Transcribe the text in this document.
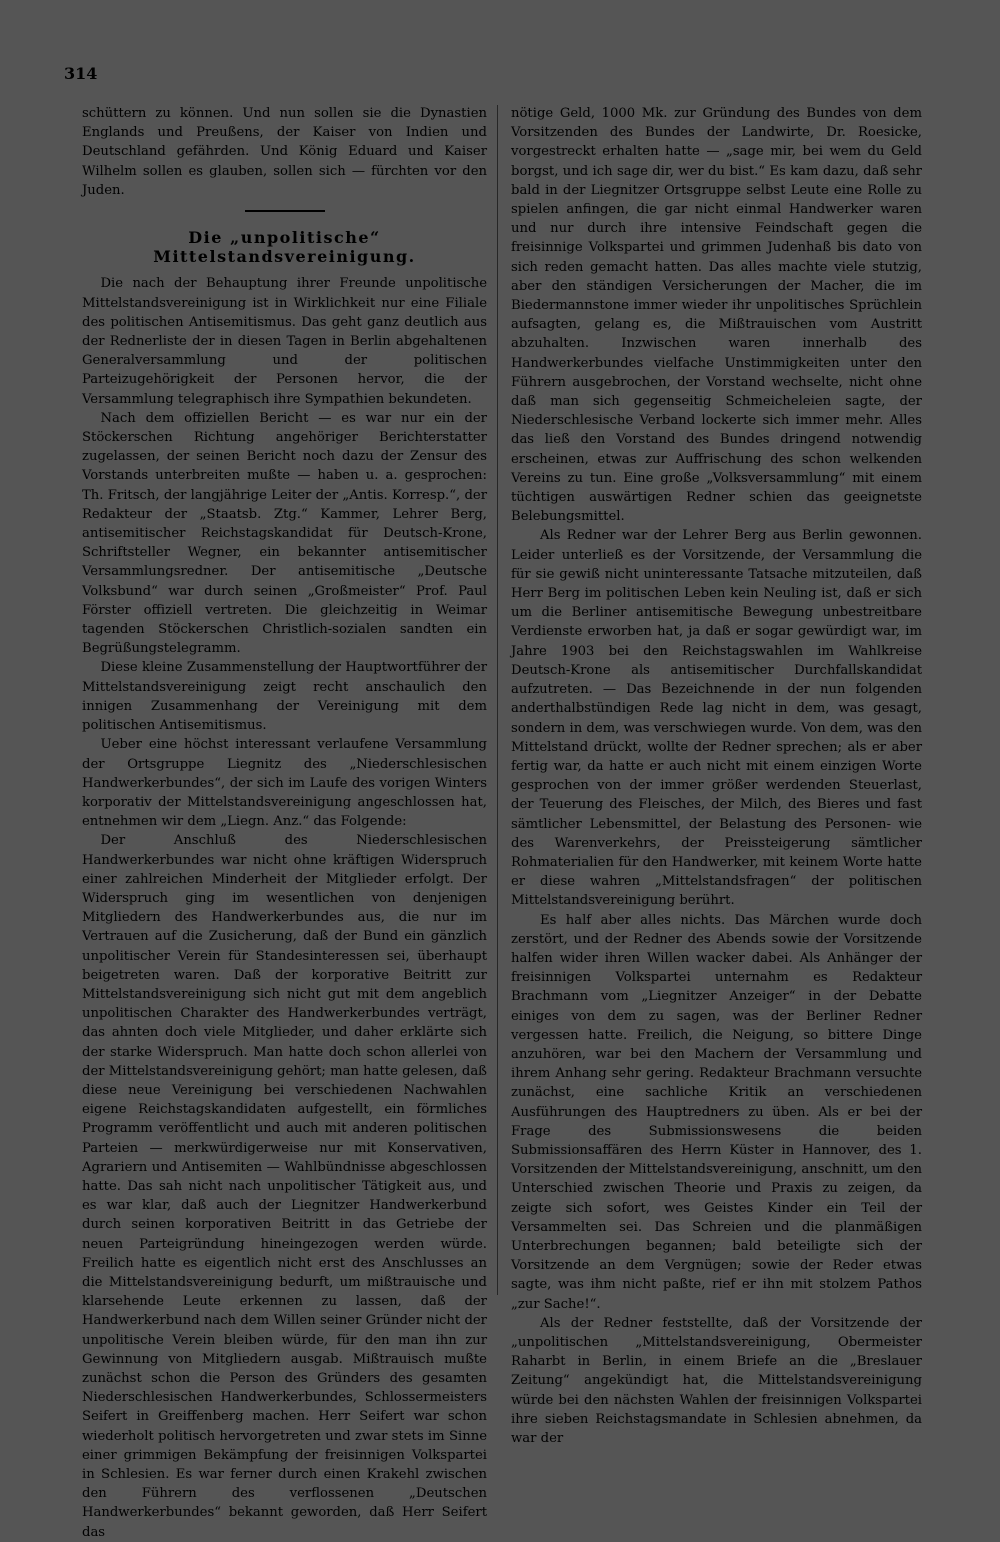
314

schüttern zu können. Und nun sollen sie die Dynastien Englands und Preußens, der Kaiser von Indien und Deutschland gefährden. Und König Eduard und Kaiser Wilhelm sollen es glauben, sollen sich — fürchten vor den Juden.

Die „unpolitische“ Mittelstandsvereinigung.

Die nach der Behauptung ihrer Freunde unpolitische Mittelstandsvereinigung ist in Wirklichkeit nur eine Filiale des politischen Antisemitismus. Das geht ganz deutlich aus der Rednerliste der in diesen Tagen in Berlin abgehaltenen Generalversammlung und der politischen Parteizugehörigkeit der Personen hervor, die der Versammlung telegraphisch ihre Sympathien bekundeten.

Nach dem offiziellen Bericht — es war nur ein der Stöckerschen Richtung angehöriger Berichterstatter zugelassen, der seinen Bericht noch dazu der Zensur des Vorstands unterbreiten mußte — haben u. a. gesprochen: Th. Fritsch, der langjährige Leiter der „Antis. Korresp.“, der Redakteur der „Staatsb. Ztg.“ Kammer, Lehrer Berg, antisemitischer Reichstagskandidat für Deutsch-Krone, Schriftsteller Wegner, ein bekannter antisemitischer Versammlungsredner. Der antisemitische „Deutsche Volksbund“ war durch seinen „Großmeister“ Prof. Paul Förster offiziell vertreten. Die gleichzeitig in Weimar tagenden Stöckerschen Christlich-sozialen sandten ein Begrüßungstelegramm.

Diese kleine Zusammenstellung der Hauptwortführer der Mittelstandsvereinigung zeigt recht anschaulich den innigen Zusammenhang der Vereinigung mit dem politischen Antisemitismus.

Ueber eine höchst interessant verlaufene Versammlung der Ortsgruppe Liegnitz des „Niederschlesischen Handwerkerbundes“, der sich im Laufe des vorigen Winters korporativ der Mittelstandsvereinigung angeschlossen hat, entnehmen wir dem „Liegn. Anz.“ das Folgende:

Der Anschluß des Niederschlesischen Handwerkerbundes war nicht ohne kräftigen Widerspruch einer zahlreichen Minderheit der Mitglieder erfolgt. Der Widerspruch ging im wesentlichen von denjenigen Mitgliedern des Handwerkerbundes aus, die nur im Vertrauen auf die Zusicherung, daß der Bund ein gänzlich unpolitischer Verein für Standesinteressen sei, überhaupt beigetreten waren. Daß der korporative Beitritt zur Mittelstandsvereinigung sich nicht gut mit dem angeblich unpolitischen Charakter des Handwerkerbundes verträgt, das ahnten doch viele Mitglieder, und daher erklärte sich der starke Widerspruch. Man hatte doch schon allerlei von der Mittelstandsvereinigung gehört; man hatte gelesen, daß diese neue Vereinigung bei verschiedenen Nachwahlen eigene Reichstagskandidaten aufgestellt, ein förmliches Programm veröffentlicht und auch mit anderen politischen Parteien — merkwürdigerweise nur mit Konservativen, Agrariern und Antisemiten — Wahlbündnisse abgeschlossen hatte. Das sah nicht nach unpolitischer Tätigkeit aus, und es war klar, daß auch der Liegnitzer Handwerkerbund durch seinen korporativen Beitritt in das Getriebe der neuen Parteigründung hineingezogen werden würde. Freilich hatte es eigentlich nicht erst des Anschlusses an die Mittelstandsvereinigung bedurft, um mißtrauische und klarsehende Leute erkennen zu lassen, daß der Handwerkerbund nach dem Willen seiner Gründer nicht der unpolitische Verein bleiben würde, für den man ihn zur Gewinnung von Mitgliedern ausgab. Mißtrauisch mußte zunächst schon die Person des Gründers des gesamten Niederschlesischen Handwerkerbundes, Schlossermeisters Seifert in Greiffenberg machen. Herr Seifert war schon wiederholt politisch hervorgetreten und zwar stets im Sinne einer grimmigen Bekämpfung der freisinnigen Volkspartei in Schlesien. Es war ferner durch einen Krakehl zwischen den Führern des verflossenen „Deutschen Handwerkerbundes“ bekannt geworden, daß Herr Seifert das

nötige Geld, 1000 Mk. zur Gründung des Bundes von dem Vorsitzenden des Bundes der Landwirte, Dr. Roesicke, vorgestreckt erhalten hatte — „sage mir, bei wem du Geld borgst, und ich sage dir, wer du bist.“ Es kam dazu, daß sehr bald in der Liegnitzer Ortsgruppe selbst Leute eine Rolle zu spielen anfingen, die gar nicht einmal Handwerker waren und nur durch ihre intensive Feindschaft gegen die freisinnige Volkspartei und grimmen Judenhaß bis dato von sich reden gemacht hatten. Das alles machte viele stutzig, aber den ständigen Versicherungen der Macher, die im Biedermannstone immer wieder ihr unpolitisches Sprüchlein aufsagten, gelang es, die Mißtrauischen vom Austritt abzuhalten. Inzwischen waren innerhalb des Handwerkerbundes vielfache Unstimmigkeiten unter den Führern ausgebrochen, der Vorstand wechselte, nicht ohne daß man sich gegenseitig Schmeicheleien sagte, der Niederschlesische Verband lockerte sich immer mehr. Alles das ließ den Vorstand des Bundes dringend notwendig erscheinen, etwas zur Auffrischung des schon welkenden Vereins zu tun. Eine große „Volksversammlung“ mit einem tüchtigen auswärtigen Redner schien das geeignetste Belebungsmittel.

Als Redner war der Lehrer Berg aus Berlin gewonnen. Leider unterließ es der Vorsitzende, der Versammlung die für sie gewiß nicht uninteressante Tatsache mitzuteilen, daß Herr Berg im politischen Leben kein Neuling ist, daß er sich um die Berliner antisemitische Bewegung unbestreitbare Verdienste erworben hat, ja daß er sogar gewürdigt war, im Jahre 1903 bei den Reichstagswahlen im Wahlkreise Deutsch-Krone als antisemitischer Durchfallskandidat aufzutreten. — Das Bezeichnende in der nun folgenden anderthalbstündigen Rede lag nicht in dem, was gesagt, sondern in dem, was verschwiegen wurde. Von dem, was den Mittelstand drückt, wollte der Redner sprechen; als er aber fertig war, da hatte er auch nicht mit einem einzigen Worte gesprochen von der immer größer werdenden Steuerlast, der Teuerung des Fleisches, der Milch, des Bieres und fast sämtlicher Lebensmittel, der Belastung des Personen- wie des Warenverkehrs, der Preissteigerung sämtlicher Rohmaterialien für den Handwerker, mit keinem Worte hatte er diese wahren „Mittelstandsfragen“ der politischen Mittelstandsvereinigung berührt.

Es half aber alles nichts. Das Märchen wurde doch zerstört, und der Redner des Abends sowie der Vorsitzende halfen wider ihren Willen wacker dabei. Als Anhänger der freisinnigen Volkspartei unternahm es Redakteur Brachmann vom „Liegnitzer Anzeiger“ in der Debatte einiges von dem zu sagen, was der Berliner Redner vergessen hatte. Freilich, die Neigung, so bittere Dinge anzuhören, war bei den Machern der Versammlung und ihrem Anhang sehr gering. Redakteur Brachmann versuchte zunächst, eine sachliche Kritik an verschiedenen Ausführungen des Hauptredners zu üben. Als er bei der Frage des Submissionswesens die beiden Submissionsaffären des Herrn Küster in Hannover, des 1. Vorsitzenden der Mittelstandsvereinigung, anschnitt, um den Unterschied zwischen Theorie und Praxis zu zeigen, da zeigte sich sofort, wes Geistes Kinder ein Teil der Versammelten sei. Das Schreien und die planmäßigen Unterbrechungen begannen; bald beteiligte sich der Vorsitzende an dem Vergnügen; sowie der Reder etwas sagte, was ihm nicht paßte, rief er ihn mit stolzem Pathos „zur Sache!“.

Als der Redner feststellte, daß der Vorsitzende der „unpolitischen „Mittelstandsvereinigung, Obermeister Raharbt in Berlin, in einem Briefe an die „Breslauer Zeitung“ angekündigt hat, die Mittelstandsvereinigung würde bei den nächsten Wahlen der freisinnigen Volkspartei ihre sieben Reichstagsmandate in Schlesien abnehmen, da war der
